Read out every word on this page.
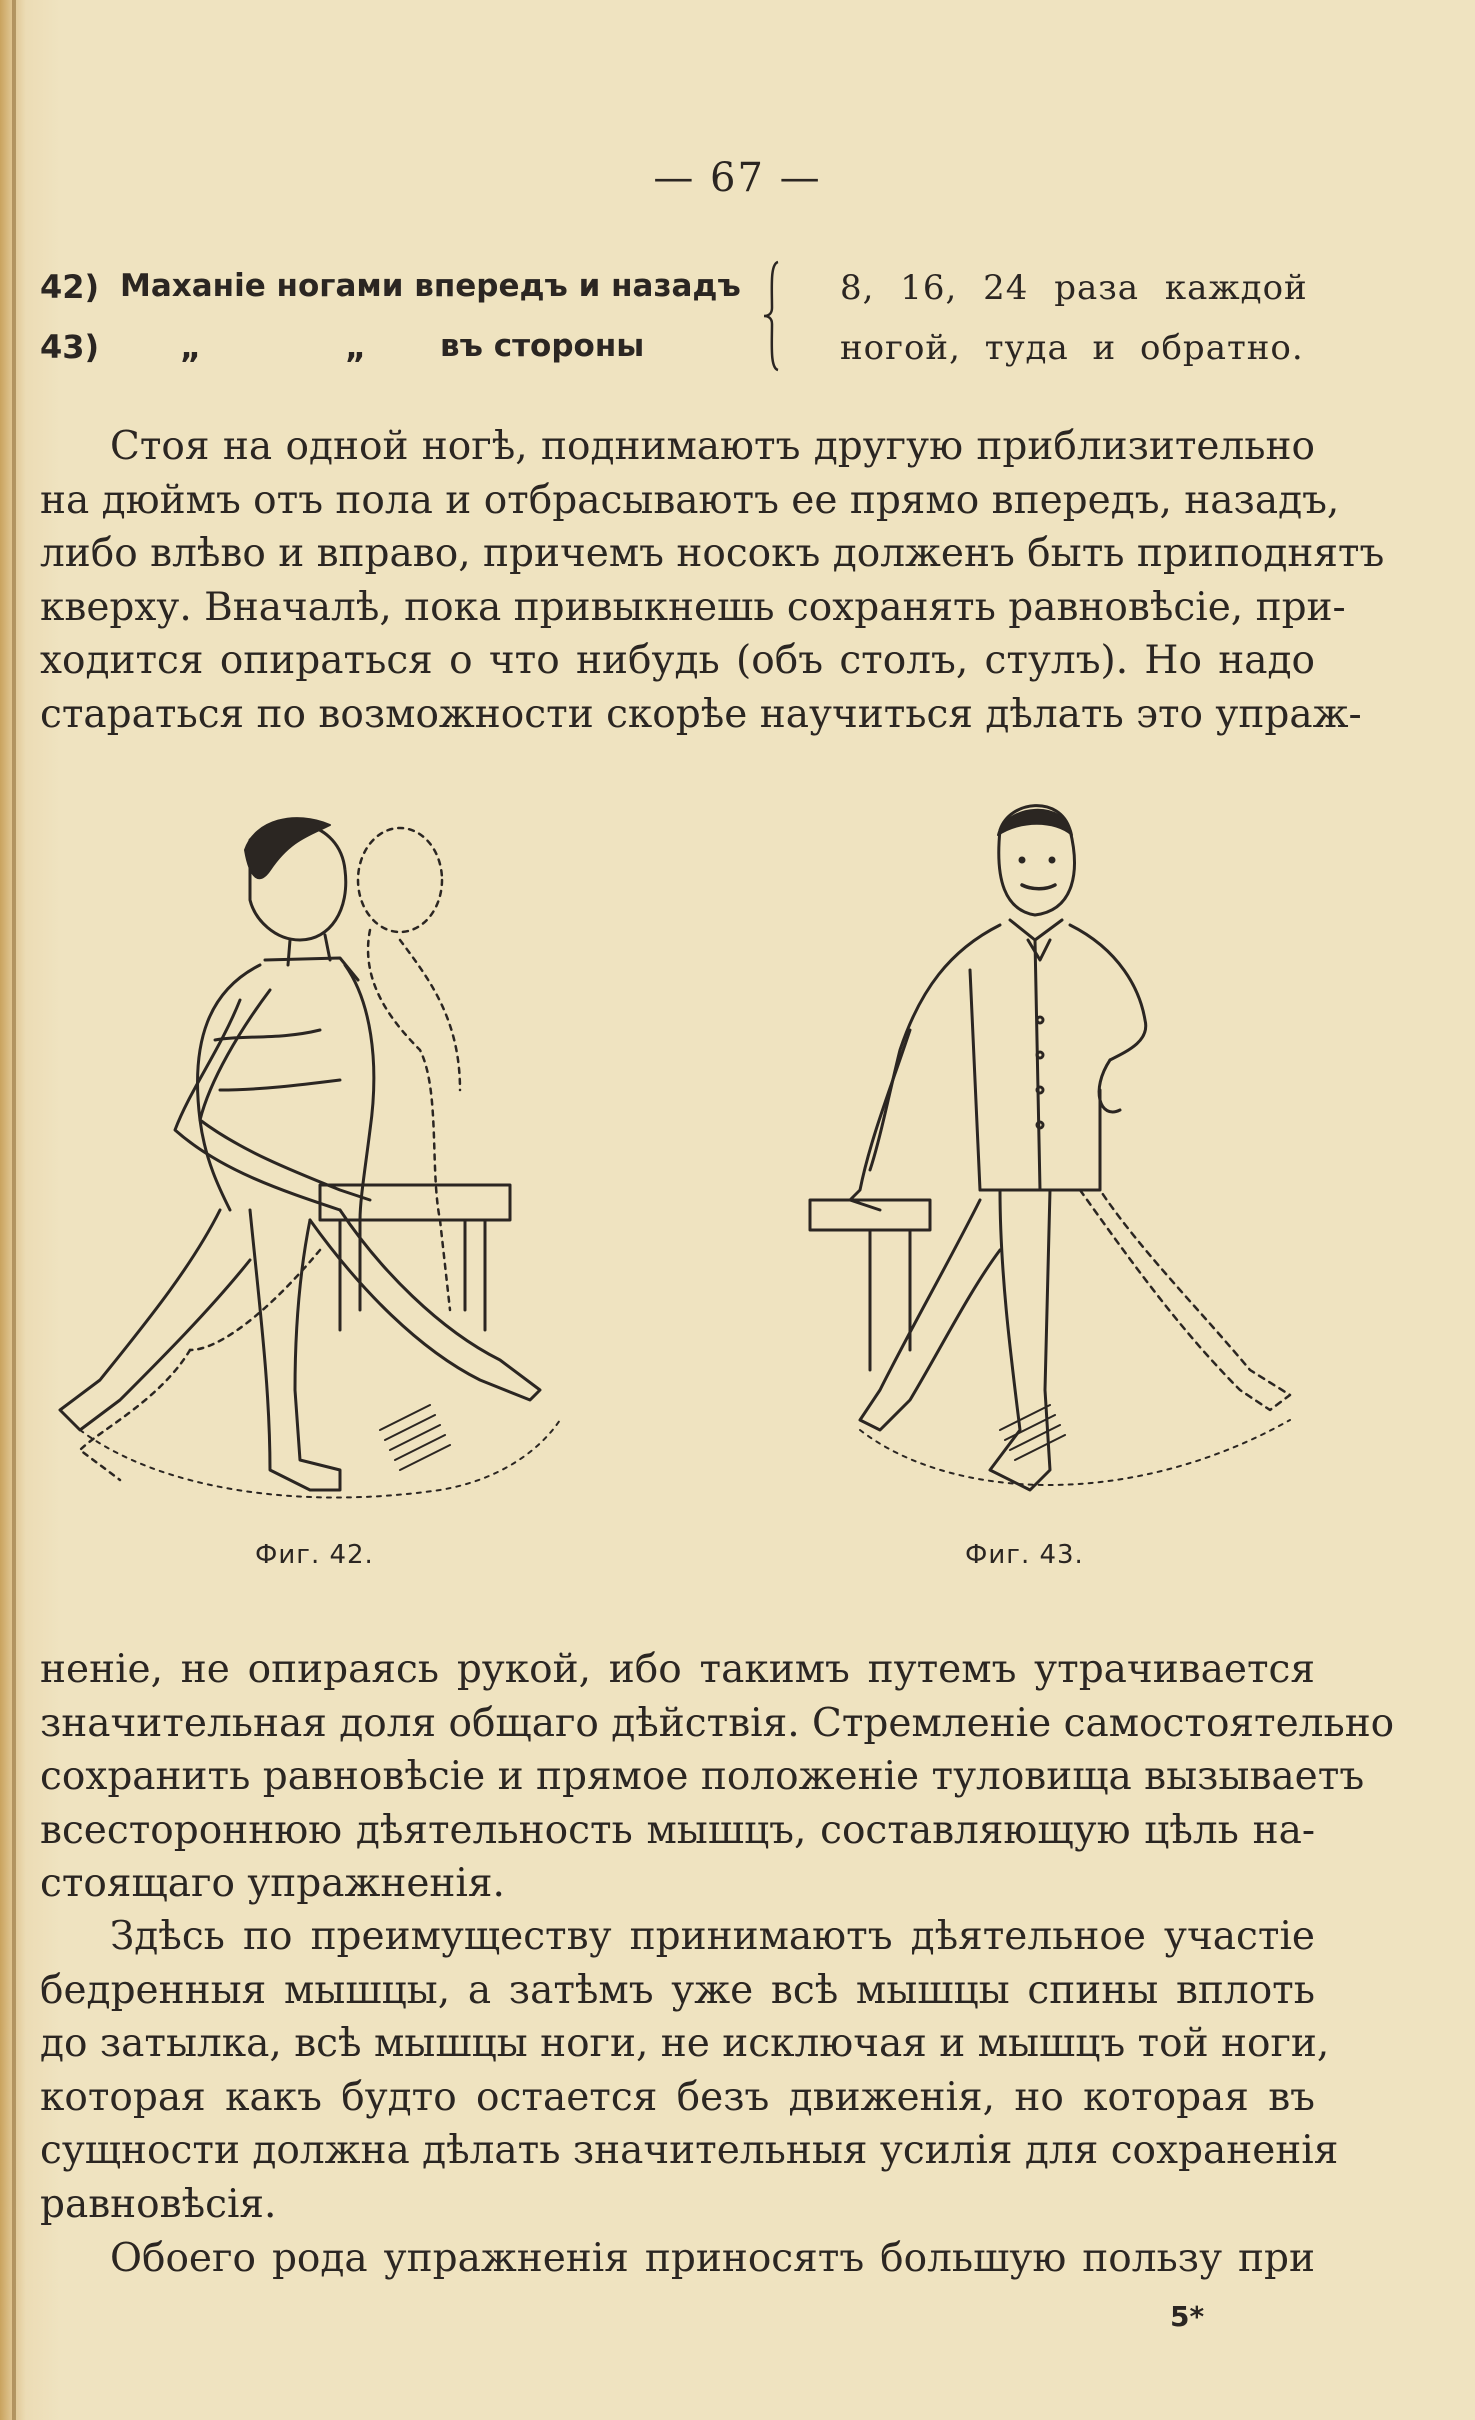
— 67 —
42) Маханіе ногами впередъ и назадъ	8, 16, 24 раза каждой
43)	„	„ въ стороны	ногой, туда и обратно.
Стоя на одной ногѣ, поднимаютъ другую приблизительно
на дюймъ отъ пола и отбрасываютъ ее прямо впередъ, назадъ,
либо влѣво и вправо, причемъ носокъ долженъ быть приподнятъ
кверху. Вначалѣ, пока привыкнешь сохранять равновѣсіе, при-
ходится опираться о что нибудь (объ столъ, стулъ). Но надо
стараться по возможности скорѣе научиться дѣлать это упраж-
Фиг. 42.	Фиг. 43.
неніе, не опираясь рукой, ибо такимъ путемъ утрачивается
значительная доля общаго дѣйствія. Стремленіе самостоятельно
сохранить равновѣсіе и прямое положеніе туловища вызываетъ
всестороннюю дѣятельность мышцъ, составляющую цѣль на-
стоящаго упражненія.
Здѣсь по преимуществу принимаютъ дѣятельное участіе
бедренныя мышцы, а затѣмъ уже всѣ мышцы спины вплоть
до затылка, всѣ мышцы ноги, не исключая и мышцъ той ноги,
которая какъ будто остается безъ движенія, но которая въ
сущности должна дѣлать значительныя усилія для сохраненія
равновѣсія.
Обоего рода упражненія приносятъ большую пользу при
5*
